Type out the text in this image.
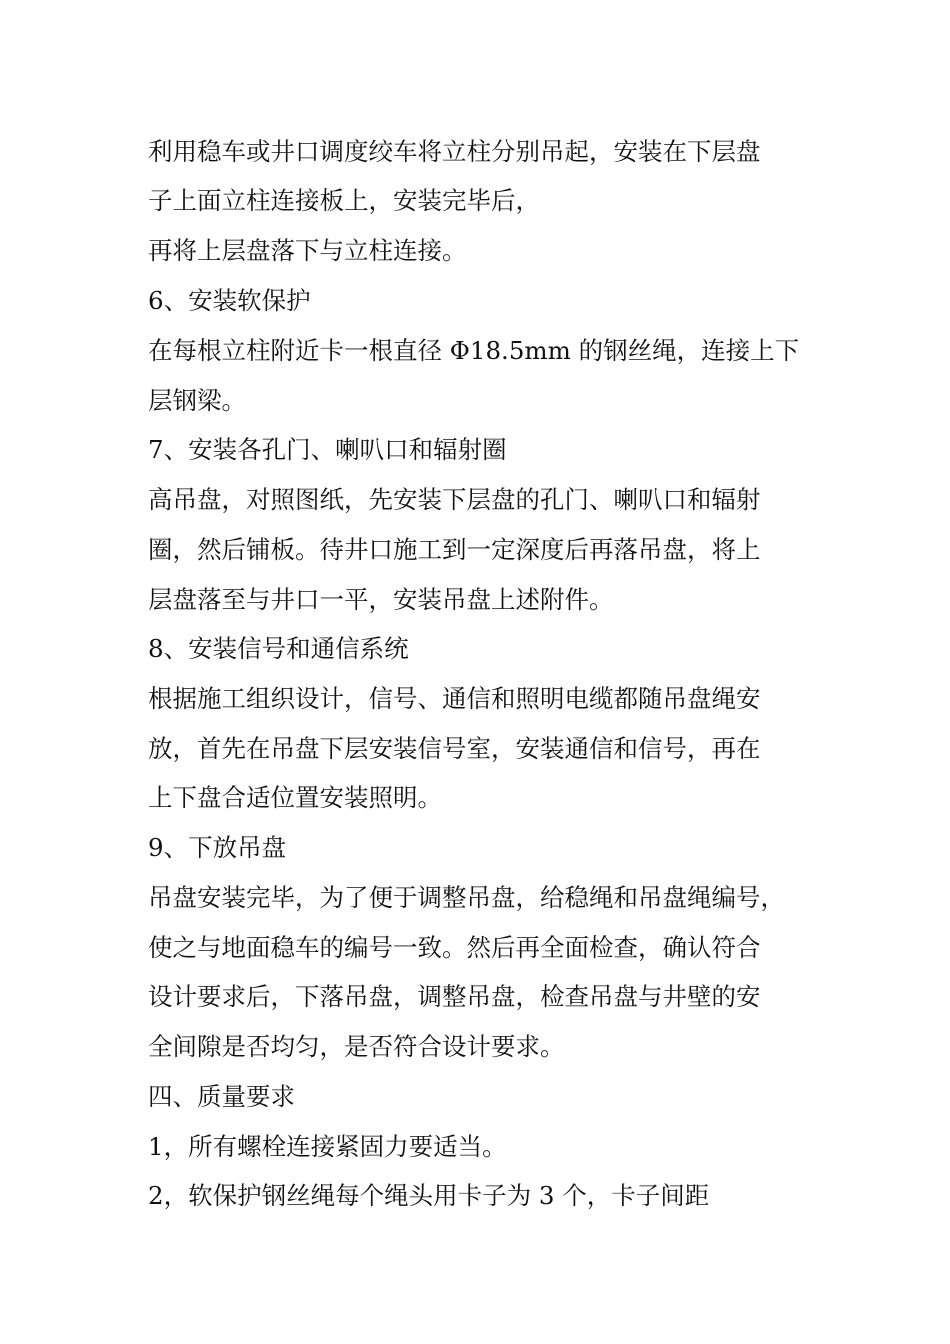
利用稳车或井口调度绞车将立柱分别吊起，安装在下层盘
子上面立柱连接板上，安装完毕后，
再将上层盘落下与立柱连接。
6、安装软保护
在每根立柱附近卡一根直径 Φ18.5mm 的钢丝绳，连接上下
层钢梁。
7、安装各孔门、喇叭口和辐射圈
高吊盘，对照图纸，先安装下层盘的孔门、喇叭口和辐射
圈，然后铺板。待井口施工到一定深度后再落吊盘，将上
层盘落至与井口一平，安装吊盘上述附件。
8、安装信号和通信系统
根据施工组织设计，信号、通信和照明电缆都随吊盘绳安
放，首先在吊盘下层安装信号室，安装通信和信号，再在
上下盘合适位置安装照明。
9、下放吊盘
吊盘安装完毕，为了便于调整吊盘，给稳绳和吊盘绳编号，
使之与地面稳车的编号一致。然后再全面检查，确认符合
设计要求后，下落吊盘，调整吊盘，检查吊盘与井壁的安
全间隙是否均匀，是否符合设计要求。
四、质量要求
1，所有螺栓连接紧固力要适当。
2，软保护钢丝绳每个绳头用卡子为 3 个，卡子间距
